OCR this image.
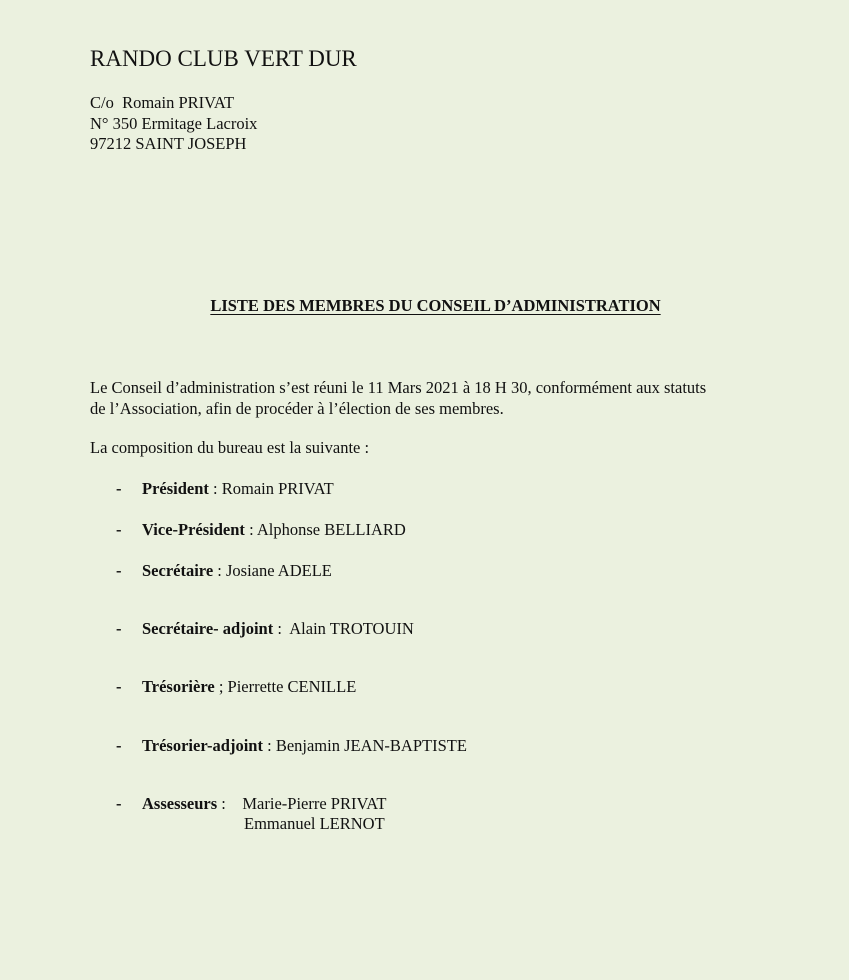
RANDO CLUB VERT DUR
C/o  Romain PRIVAT
N° 350 Ermitage Lacroix
97212 SAINT JOSEPH
LISTE DES MEMBRES DU CONSEIL D’ADMINISTRATION
Le Conseil d’administration s’est réuni le 11 Mars 2021 à 18 H 30, conformément aux statuts
de l’Association, afin de procéder à l’élection de ses membres.
La composition du bureau est la suivante :
- Président : Romain PRIVAT
- Vice-Président : Alphonse BELLIARD
- Secrétaire : Josiane ADELE
- Secrétaire- adjoint :  Alain TROTOUIN
- Trésorière ; Pierrette CENILLE
- Trésorier-adjoint : Benjamin JEAN-BAPTISTE
- Assesseurs :    Marie-Pierre PRIVAT
Emmanuel LERNOT
